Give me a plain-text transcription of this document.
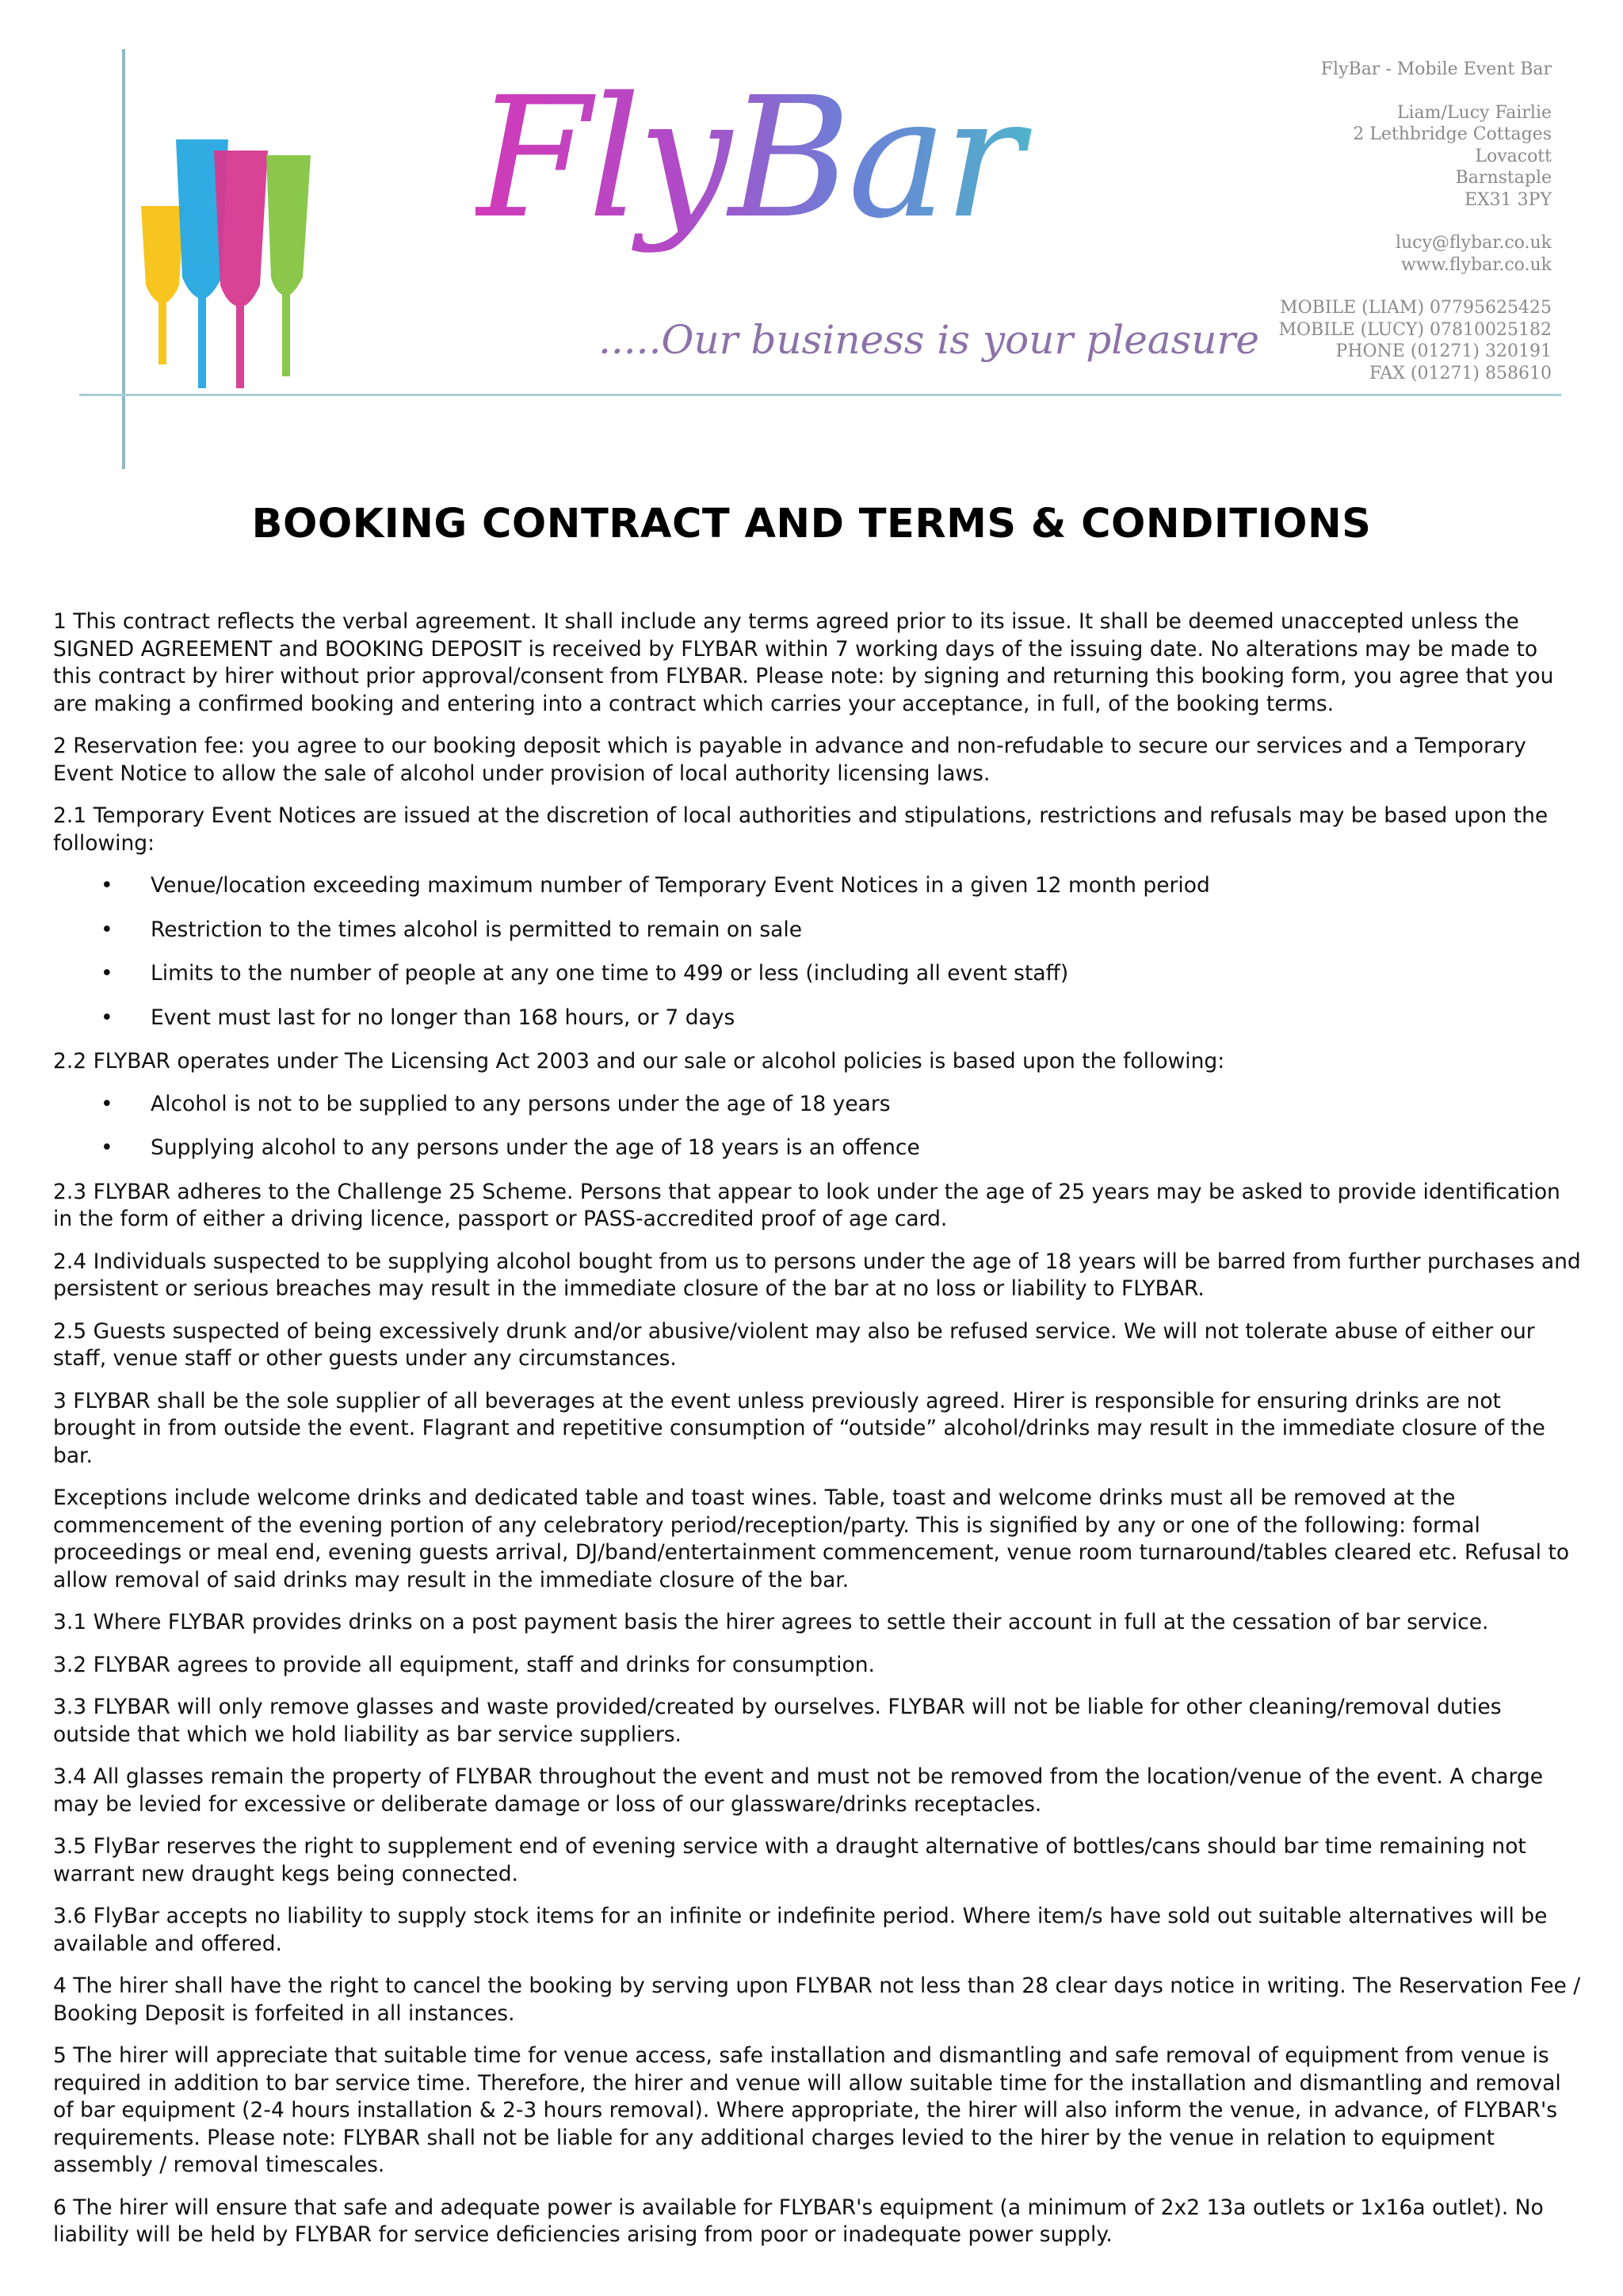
FlyBar
.....Our business is your pleasure
FlyBar - Mobile Event Bar
Liam/Lucy Fairlie
2 Lethbridge Cottages
Lovacott
Barnstaple
EX31 3PY
lucy@flybar.co.uk
www.flybar.co.uk
MOBILE (LIAM) 07795625425
MOBILE (LUCY) 07810025182
PHONE (01271) 320191
FAX (01271) 858610
BOOKING CONTRACT AND TERMS & CONDITIONS

1 This contract reflects the verbal agreement. It shall include any terms agreed prior to its issue. It shall be deemed unaccepted unless the SIGNED AGREEMENT and BOOKING DEPOSIT is received by FLYBAR within 7 working days of the issuing date. No alterations may be made to this contract by hirer without prior approval/consent from FLYBAR. Please note: by signing and returning this booking form, you agree that you are making a confirmed booking and entering into a contract which carries your acceptance, in full, of the booking terms.

2 Reservation fee: you agree to our booking deposit which is payable in advance and non-refudable to secure our services and a Temporary Event Notice to allow the sale of alcohol under provision of local authority licensing laws.

2.1 Temporary Event Notices are issued at the discretion of local authorities and stipulations, restrictions and refusals may be based upon the following:

• Venue/location exceeding maximum number of Temporary Event Notices in a given 12 month period
• Restriction to the times alcohol is permitted to remain on sale
• Limits to the number of people at any one time to 499 or less (including all event staff)
• Event must last for no longer than 168 hours, or 7 days

2.2 FLYBAR operates under The Licensing Act 2003 and our sale or alcohol policies is based upon the following:

• Alcohol is not to be supplied to any persons under the age of 18 years
• Supplying alcohol to any persons under the age of 18 years is an offence

2.3 FLYBAR adheres to the Challenge 25 Scheme. Persons that appear to look under the age of 25 years may be asked to provide identification in the form of either a driving licence, passport or PASS-accredited proof of age card.

2.4 Individuals suspected to be supplying alcohol bought from us to persons under the age of 18 years will be barred from further purchases and persistent or serious breaches may result in the immediate closure of the bar at no loss or liability to FLYBAR.

2.5 Guests suspected of being excessively drunk and/or abusive/violent may also be refused service. We will not tolerate abuse of either our staff, venue staff or other guests under any circumstances.

3 FLYBAR shall be the sole supplier of all beverages at the event unless previously agreed. Hirer is responsible for ensuring drinks are not brought in from outside the event. Flagrant and repetitive consumption of “outside” alcohol/drinks may result in the immediate closure of the bar.

Exceptions include welcome drinks and dedicated table and toast wines. Table, toast and welcome drinks must all be removed at the commencement of the evening portion of any celebratory period/reception/party. This is signified by any or one of the following: formal proceedings or meal end, evening guests arrival, DJ/band/entertainment commencement, venue room turnaround/tables cleared etc. Refusal to allow removal of said drinks may result in the immediate closure of the bar.

3.1 Where FLYBAR provides drinks on a post payment basis the hirer agrees to settle their account in full at the cessation of bar service.

3.2 FLYBAR agrees to provide all equipment, staff and drinks for consumption.

3.3 FLYBAR will only remove glasses and waste provided/created by ourselves. FLYBAR will not be liable for other cleaning/removal duties outside that which we hold liability as bar service suppliers.

3.4 All glasses remain the property of FLYBAR throughout the event and must not be removed from the location/venue of the event. A charge may be levied for excessive or deliberate damage or loss of our glassware/drinks receptacles.

3.5 FlyBar reserves the right to supplement end of evening service with a draught alternative of bottles/cans should bar time remaining not warrant new draught kegs being connected.

3.6 FlyBar accepts no liability to supply stock items for an infinite or indefinite period. Where item/s have sold out suitable alternatives will be available and offered.

4 The hirer shall have the right to cancel the booking by serving upon FLYBAR not less than 28 clear days notice in writing. The Reservation Fee / Booking Deposit is forfeited in all instances.

5 The hirer will appreciate that suitable time for venue access, safe installation and dismantling and safe removal of equipment from venue is required in addition to bar service time. Therefore, the hirer and venue will allow suitable time for the installation and dismantling and removal of bar equipment (2-4 hours installation & 2-3 hours removal). Where appropriate, the hirer will also inform the venue, in advance, of FLYBAR's requirements. Please note: FLYBAR shall not be liable for any additional charges levied to the hirer by the venue in relation to equipment assembly / removal timescales.

6 The hirer will ensure that safe and adequate power is available for FLYBAR's equipment (a minimum of 2x2 13a outlets or 1x16a outlet). No liability will be held by FLYBAR for service deficiencies arising from poor or inadequate power supply.
